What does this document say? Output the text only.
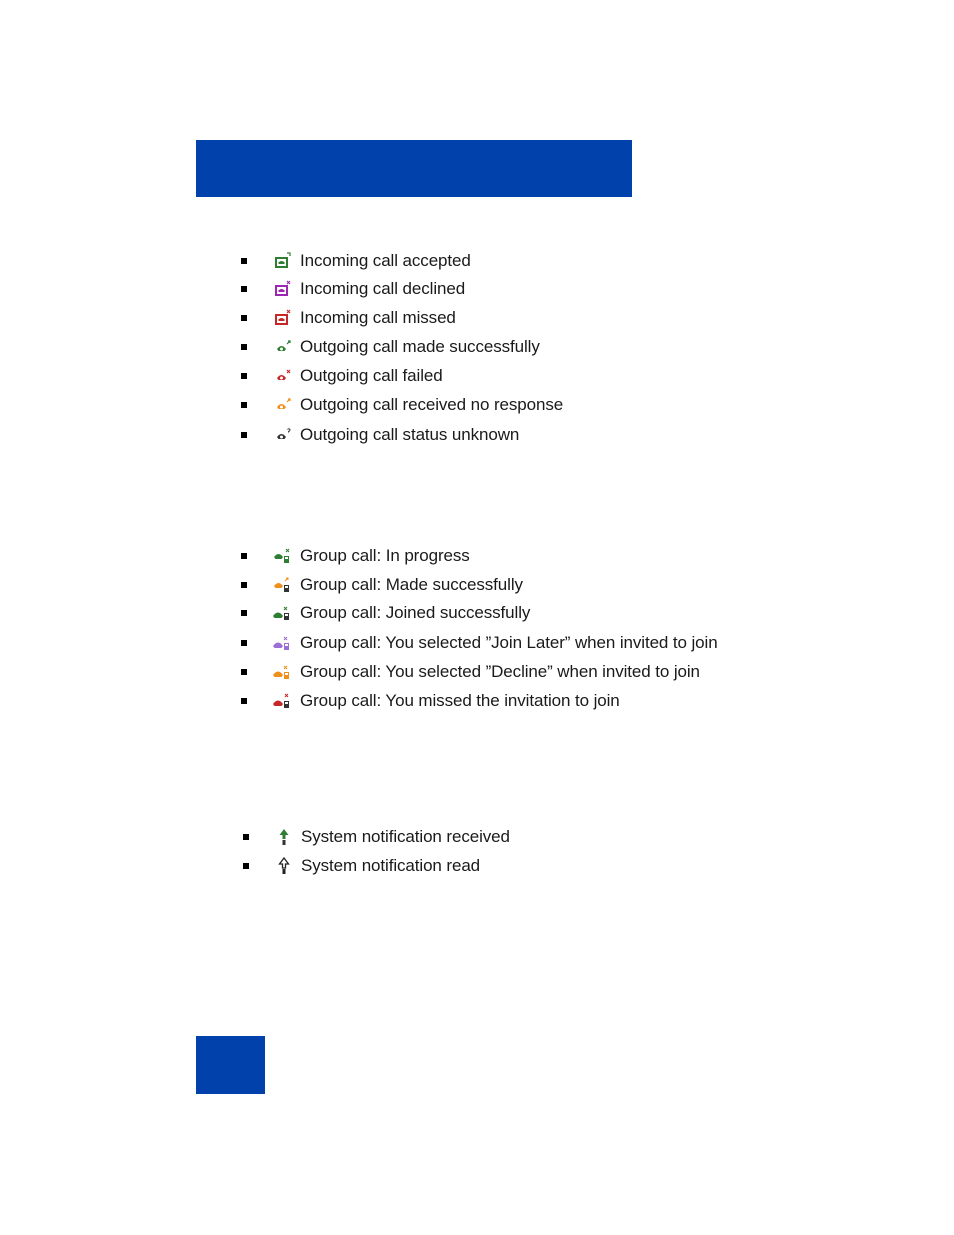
Incoming call accepted
Incoming call declined
Incoming call missed
Outgoing call made successfully
Outgoing call failed
Outgoing call received no response
Outgoing call status unknown
Group call: In progress
Group call: Made successfully
Group call: Joined successfully
Group call: You selected ”Join Later” when invited to join
Group call: You selected ”Decline” when invited to join
Group call: You missed the invitation to join
System notification received
System notification read
